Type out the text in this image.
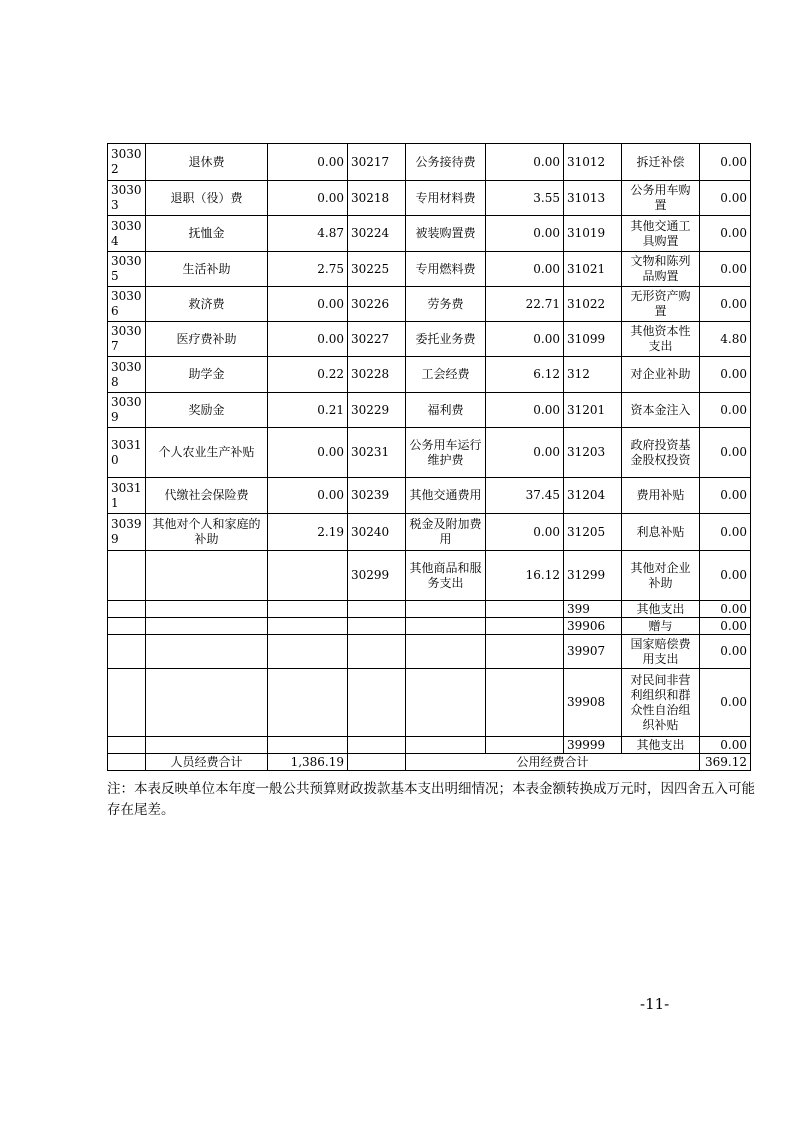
30302	退休费	0.00	30217	公务接待费	0.00	31012	拆迁补偿	0.00
30303	退职（役）费	0.00	30218	专用材料费	3.55	31013	公务用车购置	0.00
30304	抚恤金	4.87	30224	被装购置费	0.00	31019	其他交通工具购置	0.00
30305	生活补助	2.75	30225	专用燃料费	0.00	31021	文物和陈列品购置	0.00
30306	救济费	0.00	30226	劳务费	22.71	31022	无形资产购置	0.00
30307	医疗费补助	0.00	30227	委托业务费	0.00	31099	其他资本性支出	4.80
30308	助学金	0.22	30228	工会经费	6.12	312	对企业补助	0.00
30309	奖励金	0.21	30229	福利费	0.00	31201	资本金注入	0.00
30310	个人农业生产补贴	0.00	30231	公务用车运行维护费	0.00	31203	政府投资基金股权投资	0.00
30311	代缴社会保险费	0.00	30239	其他交通费用	37.45	31204	费用补贴	0.00
30399	其他对个人和家庭的补助	2.19	30240	税金及附加费用	0.00	31205	利息补贴	0.00
			30299	其他商品和服务支出	16.12	31299	其他对企业补助	0.00
						399	其他支出	0.00
						39906	赠与	0.00
						39907	国家赔偿费用支出	0.00
						39908	对民间非营利组织和群众性自治组织补贴	0.00
						39999	其他支出	0.00
	人员经费合计	1,386.19		公用经费合计				369.12
注：本表反映单位本年度一般公共预算财政拨款基本支出明细情况；本表金额转换成万元时，因四舍五入可能存在尾差。
-11-
